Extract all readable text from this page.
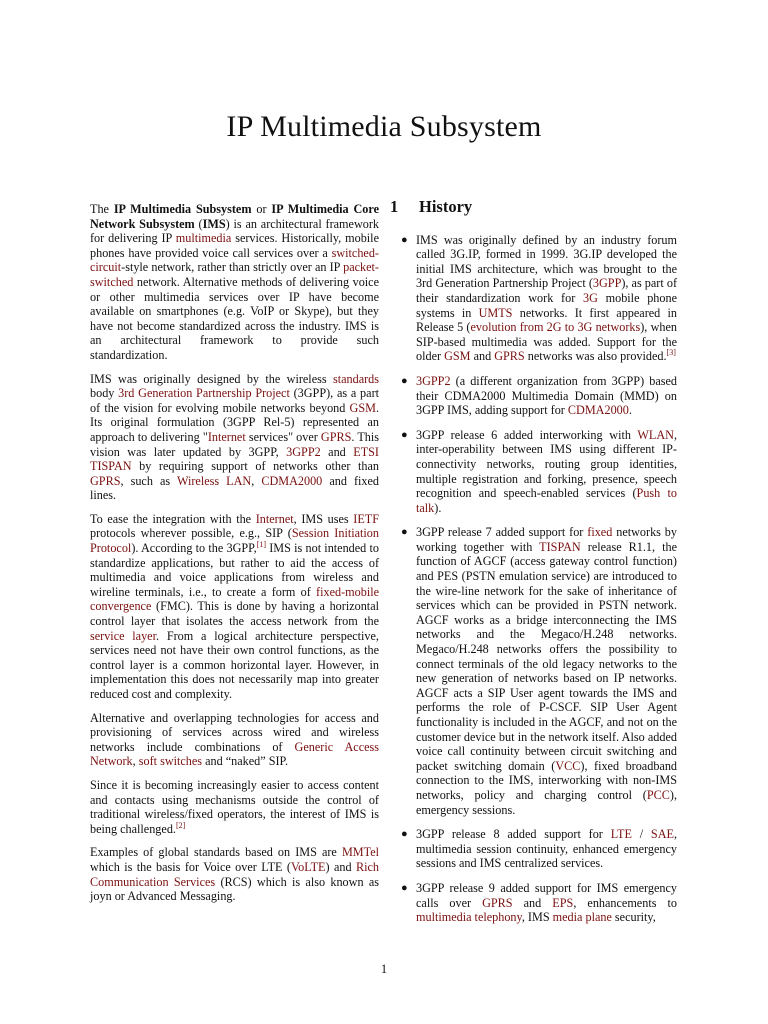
IP Multimedia Subsystem

The IP Multimedia Subsystem or IP Multimedia Core Network Subsystem (IMS) is an architectural framework for delivering IP multimedia services. Historically, mobile phones have provided voice call services over a switched-circuit-style network, rather than strictly over an IP packet-switched network. Alternative methods of delivering voice or other multimedia services over IP have become available on smartphones (e.g. VoIP or Skype), but they have not become standardized across the industry. IMS is an architectural framework to provide such standardization.

IMS was originally designed by the wireless standards body 3rd Generation Partnership Project (3GPP), as a part of the vision for evolving mobile networks beyond GSM. Its original formulation (3GPP Rel-5) represented an approach to delivering "Internet services" over GPRS. This vision was later updated by 3GPP, 3GPP2 and ETSI TISPAN by requiring support of networks other than GPRS, such as Wireless LAN, CDMA2000 and fixed lines.

To ease the integration with the Internet, IMS uses IETF protocols wherever possible, e.g., SIP (Session Initiation Protocol). According to the 3GPP,[1] IMS is not intended to standardize applications, but rather to aid the access of multimedia and voice applications from wireless and wireline terminals, i.e., to create a form of fixed-mobile convergence (FMC). This is done by having a horizontal control layer that isolates the access network from the service layer. From a logical architecture perspective, services need not have their own control functions, as the control layer is a common horizontal layer. However, in implementation this does not necessarily map into greater reduced cost and complexity.

Alternative and overlapping technologies for access and provisioning of services across wired and wireless networks include combinations of Generic Access Network, soft switches and “naked” SIP.

Since it is becoming increasingly easier to access content and contacts using mechanisms outside the control of traditional wireless/fixed operators, the interest of IMS is being challenged.[2]

Examples of global standards based on IMS are MMTel which is the basis for Voice over LTE (VoLTE) and Rich Communication Services (RCS) which is also known as joyn or Advanced Messaging.

1 History
● IMS was originally defined by an industry forum called 3G.IP, formed in 1999. 3G.IP developed the initial IMS architecture, which was brought to the 3rd Generation Partnership Project (3GPP), as part of their standardization work for 3G mobile phone systems in UMTS networks. It first appeared in Release 5 (evolution from 2G to 3G networks), when SIP-based multimedia was added. Support for the older GSM and GPRS networks was also provided.[3]
● 3GPP2 (a different organization from 3GPP) based their CDMA2000 Multimedia Domain (MMD) on 3GPP IMS, adding support for CDMA2000.
● 3GPP release 6 added interworking with WLAN, inter-operability between IMS using different IP-connectivity networks, routing group identities, multiple registration and forking, presence, speech recognition and speech-enabled services (Push to talk).
● 3GPP release 7 added support for fixed networks by working together with TISPAN release R1.1, the function of AGCF (access gateway control function) and PES (PSTN emulation service) are introduced to the wire-line network for the sake of inheritance of services which can be provided in PSTN network. AGCF works as a bridge interconnecting the IMS networks and the Megaco/H.248 networks. Megaco/H.248 networks offers the possibility to connect terminals of the old legacy networks to the new generation of networks based on IP networks. AGCF acts a SIP User agent towards the IMS and performs the role of P-CSCF. SIP User Agent functionality is included in the AGCF, and not on the customer device but in the network itself. Also added voice call continuity between circuit switching and packet switching domain (VCC), fixed broadband connection to the IMS, interworking with non-IMS networks, policy and charging control (PCC), emergency sessions.
● 3GPP release 8 added support for LTE / SAE, multimedia session continuity, enhanced emergency sessions and IMS centralized services.
● 3GPP release 9 added support for IMS emergency calls over GPRS and EPS, enhancements to multimedia telephony, IMS media plane security,
1
